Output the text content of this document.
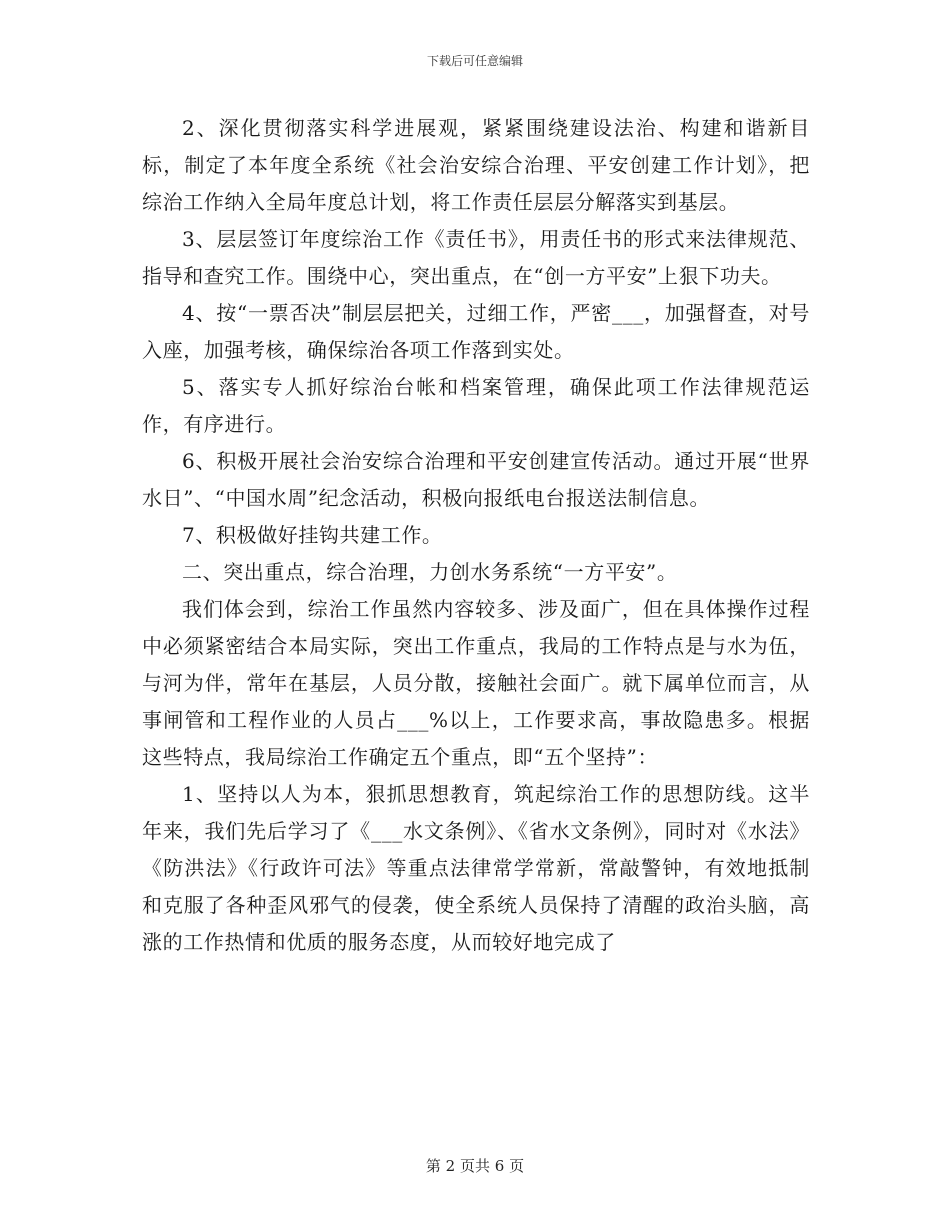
下载后可任意编辑

2、深化贯彻落实科学进展观，紧紧围绕建设法治、构建和谐新目标，制定了本年度全系统《社会治安综合治理、平安创建工作计划》，把综治工作纳入全局年度总计划，将工作责任层层分解落实到基层。

3、层层签订年度综治工作《责任书》，用责任书的形式来法律规范、指导和查究工作。围绕中心，突出重点，在“创一方平安”上狠下功夫。

4、按“一票否决”制层层把关，过细工作，严密___，加强督查，对号入座，加强考核，确保综治各项工作落到实处。

5、落实专人抓好综治台帐和档案管理，确保此项工作法律规范运作，有序进行。

6、积极开展社会治安综合治理和平安创建宣传活动。通过开展“世界水日”、“中国水周”纪念活动，积极向报纸电台报送法制信息。

7、积极做好挂钩共建工作。

二、突出重点，综合治理，力创水务系统“一方平安”。

我们体会到，综治工作虽然内容较多、涉及面广，但在具体操作过程中必须紧密结合本局实际，突出工作重点，我局的工作特点是与水为伍，与河为伴，常年在基层，人员分散，接触社会面广。就下属单位而言，从事闸管和工程作业的人员占___%以上，工作要求高，事故隐患多。根据这些特点，我局综治工作确定五个重点，即“五个坚持”：

1、坚持以人为本，狠抓思想教育，筑起综治工作的思想防线。这半年来，我们先后学习了《___水文条例》、《省水文条例》，同时对《水法》《防洪法》《行政许可法》等重点法律常学常新，常敲警钟，有效地抵制和克服了各种歪风邪气的侵袭，使全系统人员保持了清醒的政治头脑，高涨的工作热情和优质的服务态度，从而较好地完成了

第 2 页共 6 页
